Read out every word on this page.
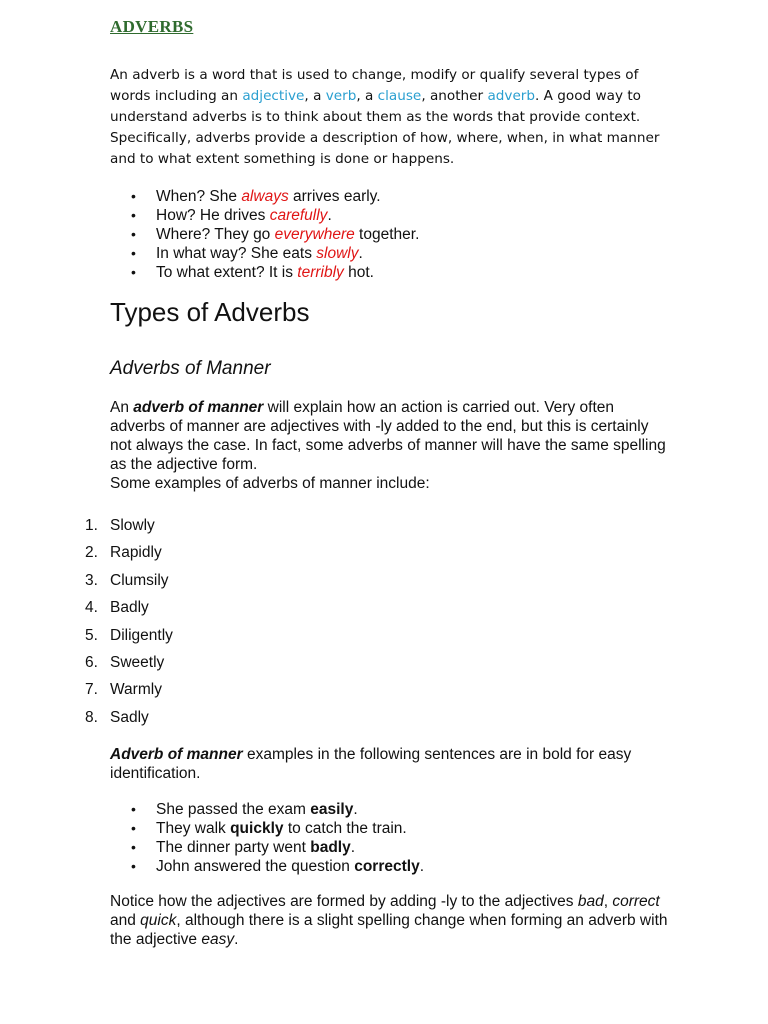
ADVERBS

An adverb is a word that is used to change, modify or qualify several types of words including an adjective, a verb, a clause, another adverb. A good way to understand adverbs is to think about them as the words that provide context. Specifically, adverbs provide a description of how, where, when, in what manner and to what extent something is done or happens.

• When? She always arrives early.
• How? He drives carefully.
• Where? They go everywhere together.
• In what way? She eats slowly.
• To what extent? It is terribly hot.
Types of Adverbs
Adverbs of Manner

An adverb of manner will explain how an action is carried out. Very often adverbs of manner are adjectives with -ly added to the end, but this is certainly not always the case. In fact, some adverbs of manner will have the same spelling as the adjective form.
Some examples of adverbs of manner include:

1. Slowly
2. Rapidly
3. Clumsily
4. Badly
5. Diligently
6. Sweetly
7. Warmly
8. Sadly

Adverb of manner examples in the following sentences are in bold for easy identification.

• She passed the exam easily.
• They walk quickly to catch the train.
• The dinner party went badly.
• John answered the question correctly.

Notice how the adjectives are formed by adding -ly to the adjectives bad, correct and quick, although there is a slight spelling change when forming an adverb with the adjective easy.
